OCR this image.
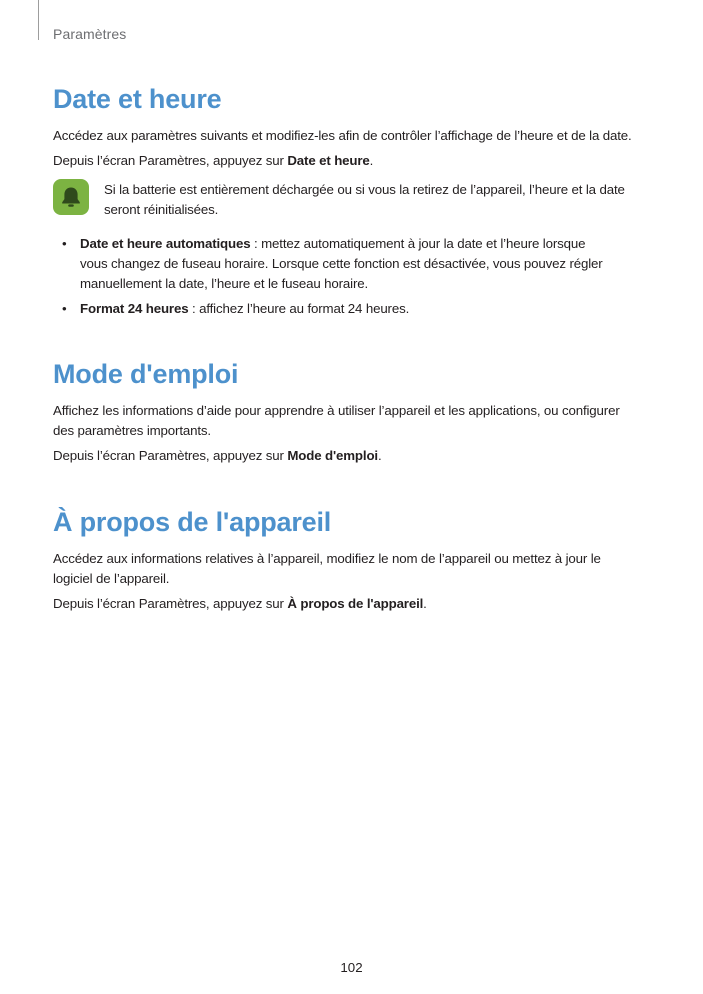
Paramètres
Date et heure

Accédez aux paramètres suivants et modifiez-les afin de contrôler l’affichage de l’heure et de la date.

Depuis l’écran Paramètres, appuyez sur Date et heure.

Si la batterie est entièrement déchargée ou si vous la retirez de l’appareil, l’heure et la date

seront réinitialisées.

• Date et heure automatiques : mettez automatiquement à jour la date et l’heure lorsque

vous changez de fuseau horaire. Lorsque cette fonction est désactivée, vous pouvez régler

manuellement la date, l’heure et le fuseau horaire.

• Format 24 heures : affichez l’heure au format 24 heures.

Mode d'emploi

Affichez les informations d’aide pour apprendre à utiliser l’appareil et les applications, ou configurer

des paramètres importants.

Depuis l’écran Paramètres, appuyez sur Mode d'emploi.

À propos de l'appareil

Accédez aux informations relatives à l’appareil, modifiez le nom de l’appareil ou mettez à jour le

logiciel de l’appareil.

Depuis l’écran Paramètres, appuyez sur À propos de l'appareil.

102
